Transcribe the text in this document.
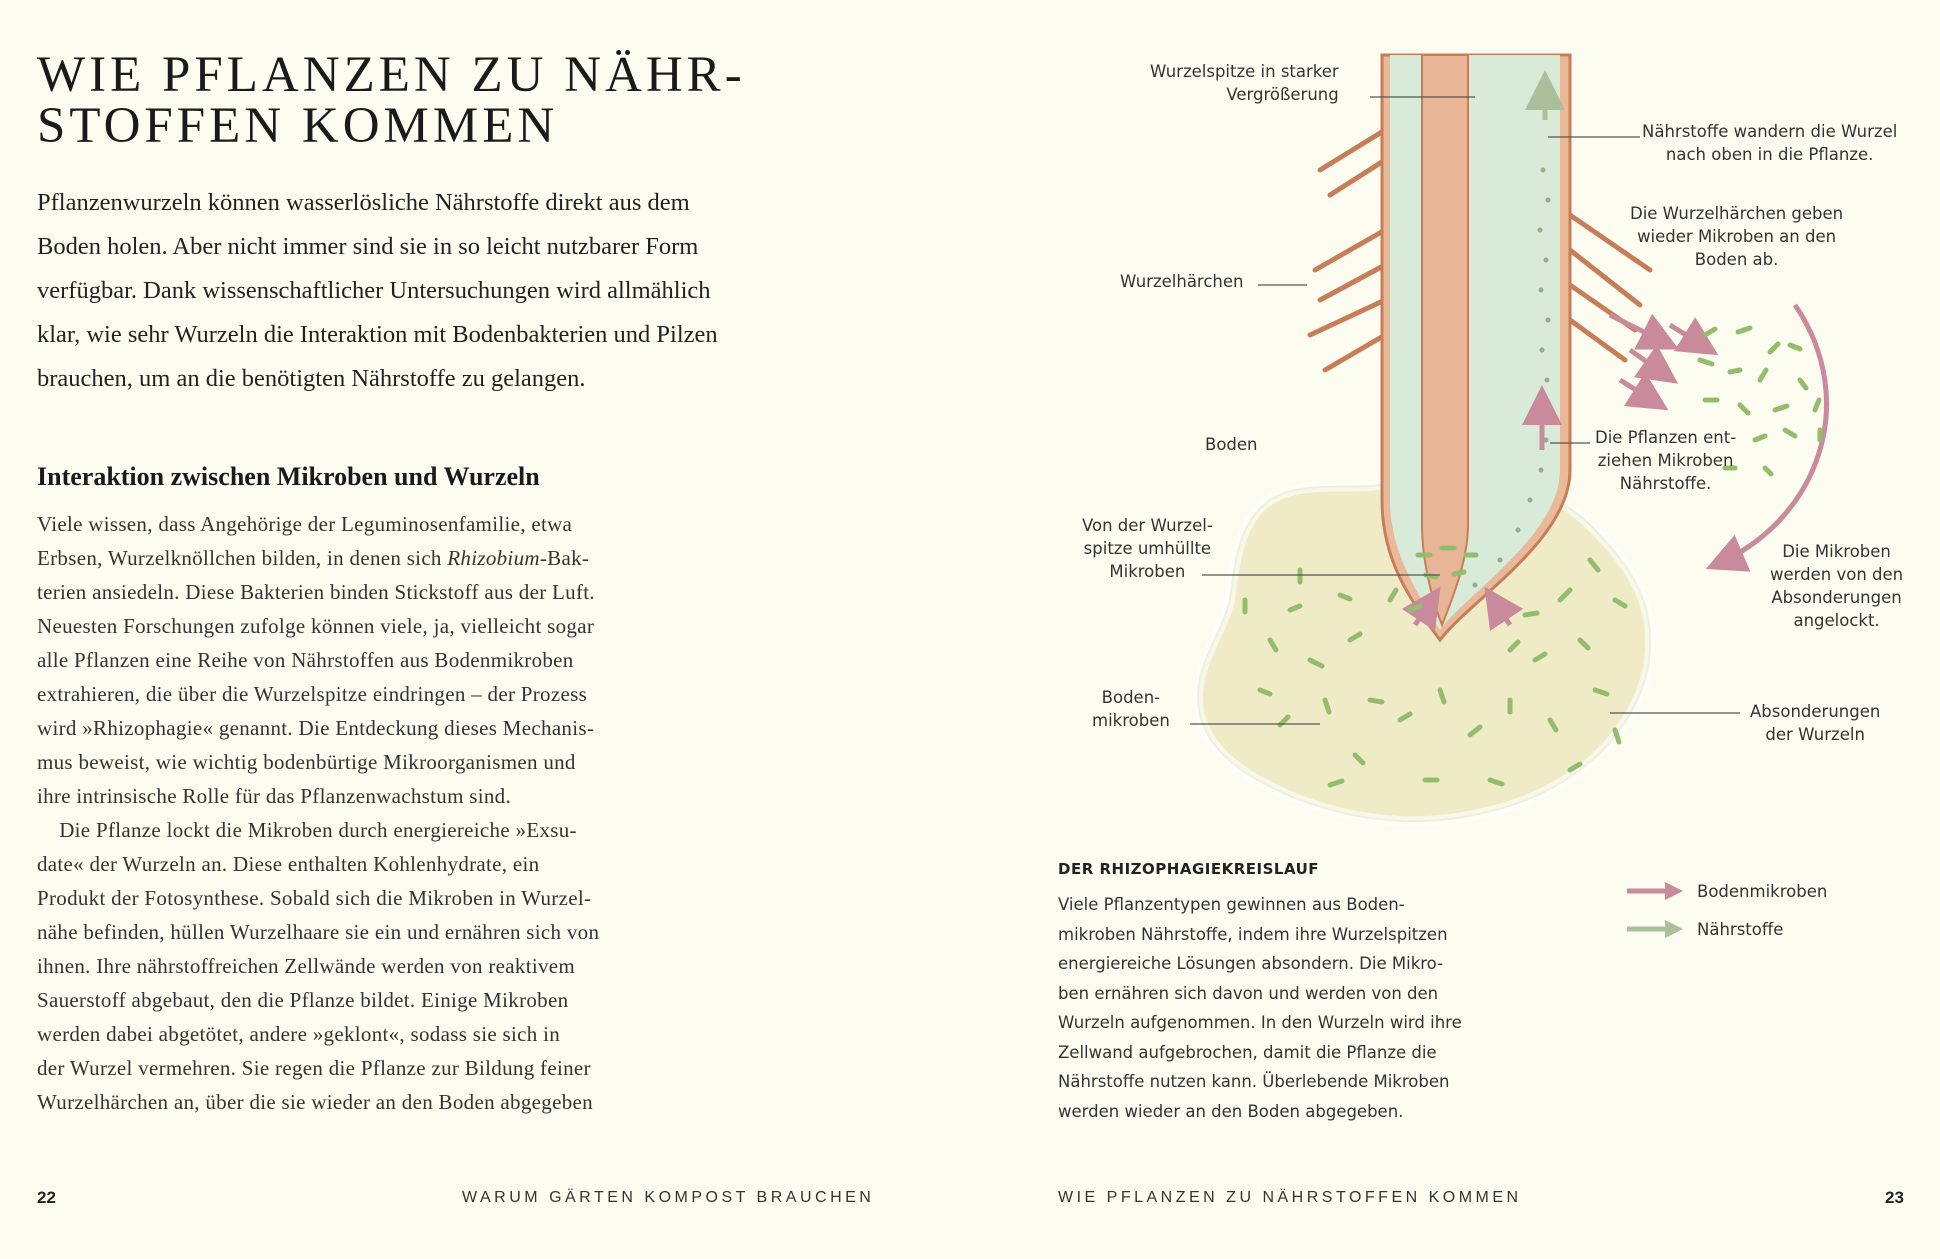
WIE PFLANZEN ZU NÄHR-
STOFFEN KOMMEN

Pflanzenwurzeln können wasserlösliche Nährstoffe direkt aus dem
Boden holen. Aber nicht immer sind sie in so leicht nutzbarer Form
verfügbar. Dank wissenschaftlicher Untersuchungen wird allmählich
klar, wie sehr Wurzeln die Interaktion mit Bodenbakterien und Pilzen
brauchen, um an die benötigten Nährstoffe zu gelangen.

Interaktion zwischen Mikroben und Wurzeln
Viele wissen, dass Angehörige der Leguminosenfamilie, etwa
Erbsen, Wurzelknöllchen bilden, in denen sich Rhizobium-Bak-
terien ansiedeln. Diese Bakterien binden Stickstoff aus der Luft.
Neuesten Forschungen zufolge können viele, ja, vielleicht sogar
alle Pflanzen eine Reihe von Nährstoffen aus Bodenmikroben
extrahieren, die über die Wurzelspitze eindringen – der Prozess
wird »Rhizophagie« genannt. Die Entdeckung dieses Mechanis-
mus beweist, wie wichtig bodenbürtige Mikroorganismen und
ihre intrinsische Rolle für das Pflanzenwachstum sind.
Die Pflanze lockt die Mikroben durch energiereiche »Exsu-
date« der Wurzeln an. Diese enthalten Kohlenhydrate, ein
Produkt der Fotosynthese. Sobald sich die Mikroben in Wurzel-
nähe befinden, hüllen Wurzelhaare sie ein und ernähren sich von
ihnen. Ihre nährstoffreichen Zellwände werden von reaktivem
Sauerstoff abgebaut, den die Pflanze bildet. Einige Mikroben
werden dabei abgetötet, andere »geklont«, sodass sie sich in
der Wurzel vermehren. Sie regen die Pflanze zur Bildung feiner
Wurzelhärchen an, über die sie wieder an den Boden abgegeben
22	WARUM GÄRTEN KOMPOST BRAUCHEN
Wurzelspitze in starker
Vergrößerung
Nährstoffe wandern die Wurzel
nach oben in die Pflanze.
Die Wurzelhärchen geben
wieder Mikroben an den
Boden ab.
Wurzelhärchen
Boden	Die Pflanzen ent-
ziehen Mikroben
Nährstoffe.
Von der Wurzel-
spitze umhüllte
Mikroben
Die Mikroben
werden von den
Absonderungen
angelockt.
Boden-
mikroben	Absonderungen
der Wurzeln
DER RHIZOPHAGIEKREISLAUF
Viele Pflanzentypen gewinnen aus Boden-
mikroben Nährstoffe, indem ihre Wurzelspitzen
energiereiche Lösungen absondern. Die Mikro-
ben ernähren sich davon und werden von den
Wurzeln aufgenommen. In den Wurzeln wird ihre
Zellwand aufgebrochen, damit die Pflanze die
Nährstoffe nutzen kann. Überlebende Mikroben
werden wieder an den Boden abgegeben.
Bodenmikroben
Nährstoffe
WIE PFLANZEN ZU NÄHRSTOFFEN KOMMEN	23
